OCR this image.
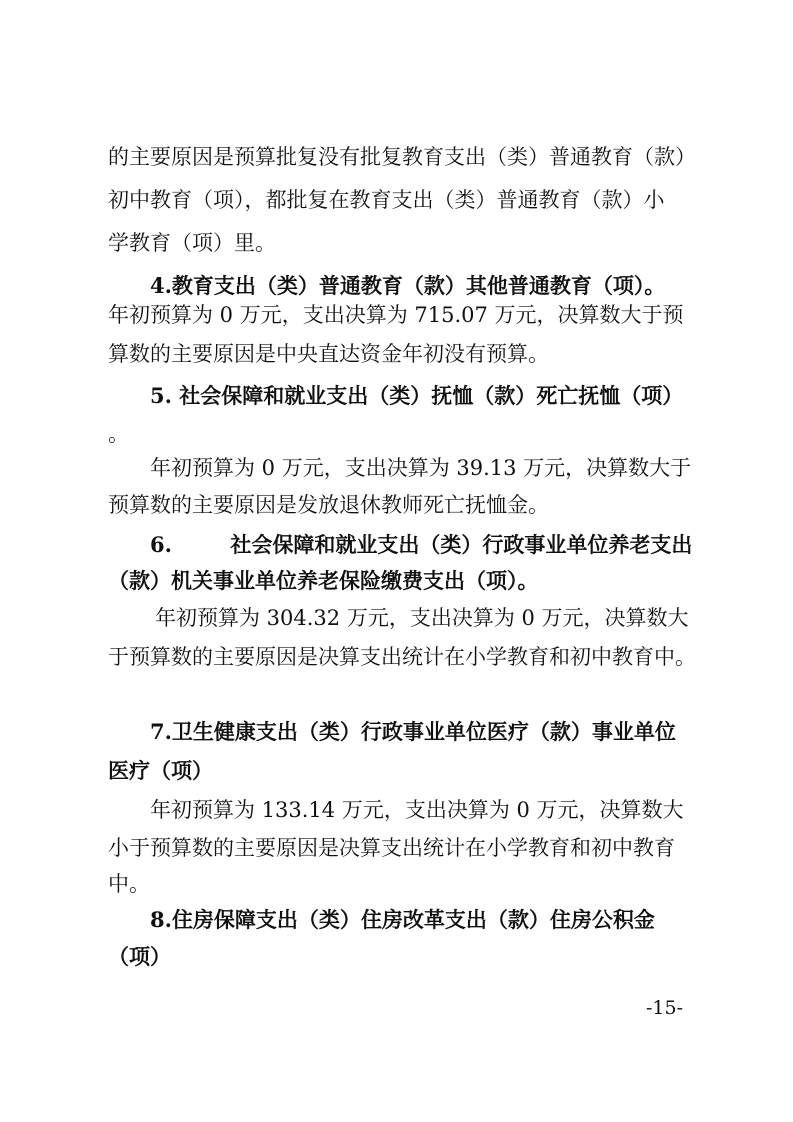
的主要原因是预算批复没有批复教育支出（类）普通教育（款）
初中教育（项），都批复在教育支出（类）普通教育（款）小
学教育（项）里。
4.教育支出（类）普通教育（款）其他普通教育（项）。
年初预算为 0 万元，支出决算为 715.07 万元，决算数大于预
算数的主要原因是中央直达资金年初没有预算。
5. 社会保障和就业支出（类）抚恤（款）死亡抚恤（项）
。
年初预算为 0 万元，支出决算为 39.13 万元，决算数大于
预算数的主要原因是发放退休教师死亡抚恤金。
6.        社会保障和就业支出（类）行政事业单位养老支出
（款）机关事业单位养老保险缴费支出（项）。
年初预算为 304.32 万元，支出决算为 0 万元，决算数大
于预算数的主要原因是决算支出统计在小学教育和初中教育中。
7.卫生健康支出（类）行政事业单位医疗（款）事业单位
医疗（项）
年初预算为 133.14 万元，支出决算为 0 万元，决算数大
小于预算数的主要原因是决算支出统计在小学教育和初中教育
中。
8.住房保障支出（类）住房改革支出（款）住房公积金
（项）
-15-
